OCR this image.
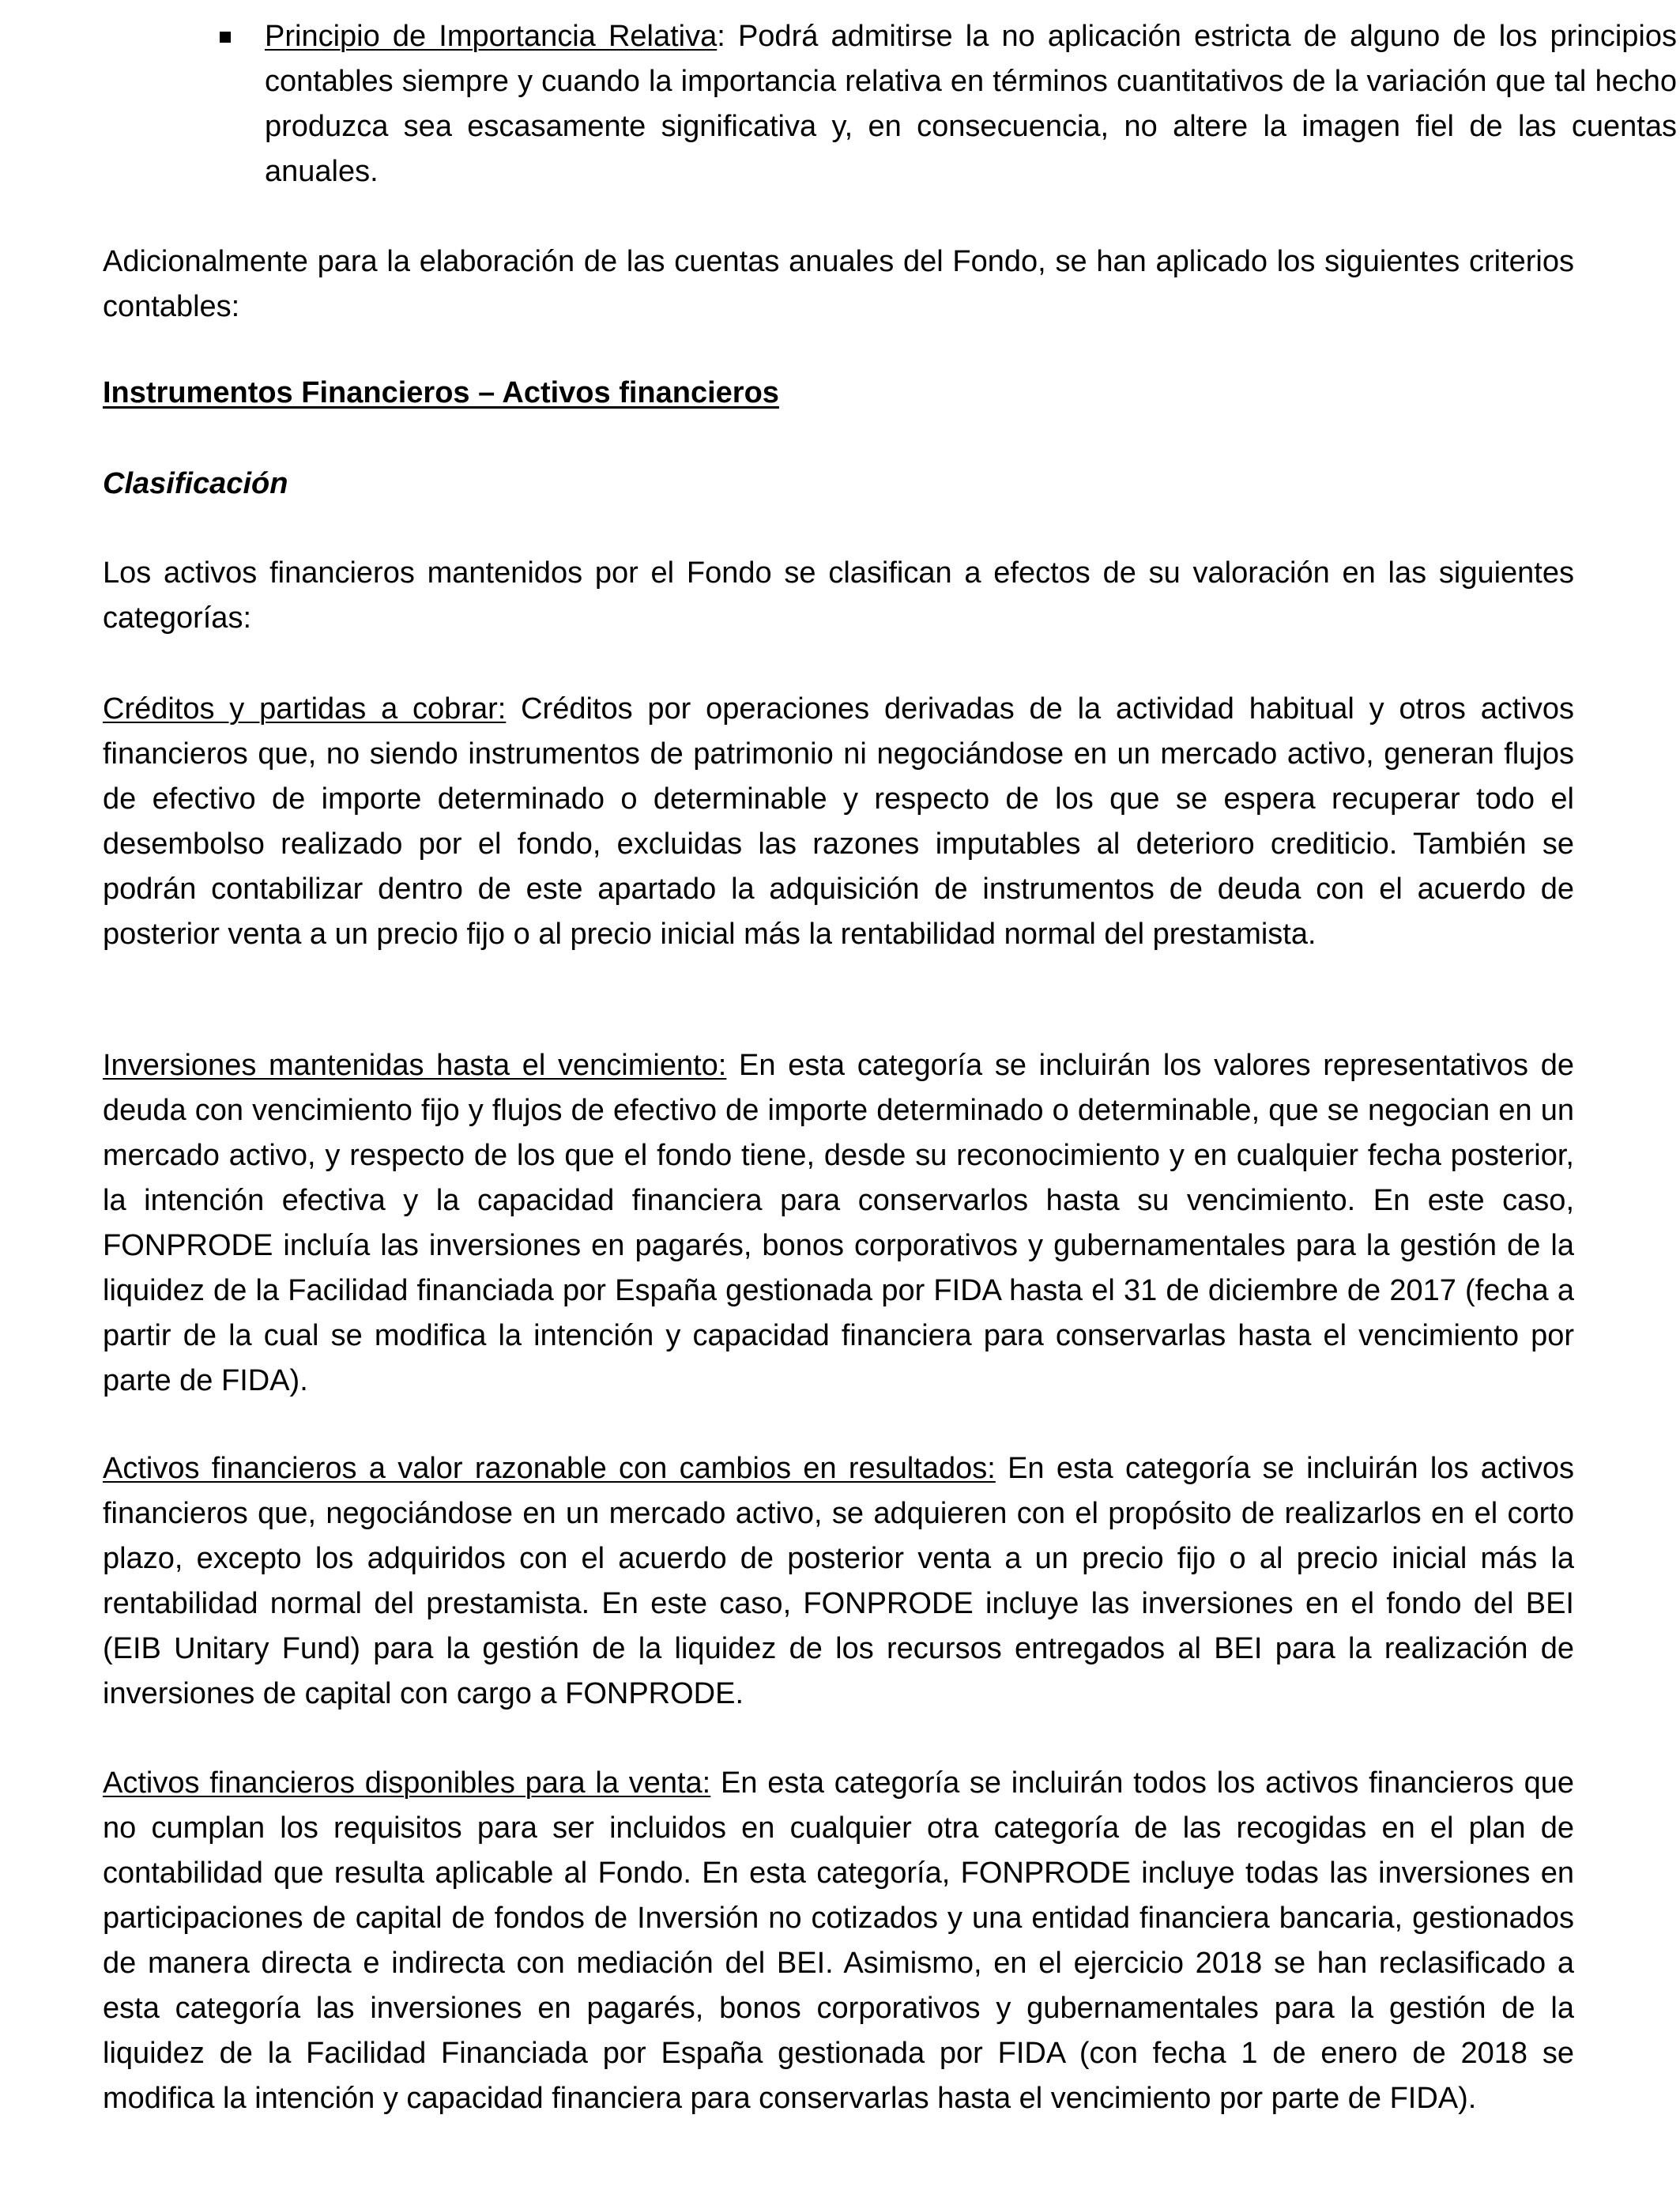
Principio de Importancia Relativa: Podrá admitirse la no aplicación estricta de alguno de los principios contables siempre y cuando la importancia relativa en términos cuantitativos de la variación que tal hecho produzca sea escasamente significativa y, en consecuencia, no altere la imagen fiel de las cuentas anuales.
Adicionalmente para la elaboración de las cuentas anuales del Fondo, se han aplicado los siguientes criterios contables:
Instrumentos Financieros – Activos financieros
Clasificación
Los activos financieros mantenidos por el Fondo se clasifican a efectos de su valoración en las siguientes categorías:
Créditos y partidas a cobrar: Créditos por operaciones derivadas de la actividad habitual y otros activos financieros que, no siendo instrumentos de patrimonio ni negociándose en un mercado activo, generan flujos de efectivo de importe determinado o determinable y respecto de los que se espera recuperar todo el desembolso realizado por el fondo, excluidas las razones imputables al deterioro crediticio. También se podrán contabilizar dentro de este apartado la adquisición de instrumentos de deuda con el acuerdo de posterior venta a un precio fijo o al precio inicial más la rentabilidad normal del prestamista.
Inversiones mantenidas hasta el vencimiento: En esta categoría se incluirán los valores representativos de deuda con vencimiento fijo y flujos de efectivo de importe determinado o determinable, que se negocian en un mercado activo, y respecto de los que el fondo tiene, desde su reconocimiento y en cualquier fecha posterior, la intención efectiva y la capacidad financiera para conservarlos hasta su vencimiento. En este caso, FONPRODE incluía las inversiones en pagarés, bonos corporativos y gubernamentales para la gestión de la liquidez de la Facilidad financiada por España gestionada por FIDA hasta el 31 de diciembre de 2017 (fecha a partir de la cual se modifica la intención y capacidad financiera para conservarlas hasta el vencimiento por parte de FIDA).
Activos financieros a valor razonable con cambios en resultados: En esta categoría se incluirán los activos financieros que, negociándose en un mercado activo, se adquieren con el propósito de realizarlos en el corto plazo, excepto los adquiridos con el acuerdo de posterior venta a un precio fijo o al precio inicial más la rentabilidad normal del prestamista. En este caso, FONPRODE incluye las inversiones en el fondo del BEI (EIB Unitary Fund) para la gestión de la liquidez de los recursos entregados al BEI para la realización de inversiones de capital con cargo a FONPRODE.
Activos financieros disponibles para la venta: En esta categoría se incluirán todos los activos financieros que no cumplan los requisitos para ser incluidos en cualquier otra categoría de las recogidas en el plan de contabilidad que resulta aplicable al Fondo. En esta categoría, FONPRODE incluye todas las inversiones en participaciones de capital de fondos de Inversión no cotizados y una entidad financiera bancaria, gestionados de manera directa e indirecta con mediación del BEI. Asimismo, en el ejercicio 2018 se han reclasificado a esta categoría las inversiones en pagarés, bonos corporativos y gubernamentales para la gestión de la liquidez de la Facilidad Financiada por España gestionada por FIDA (con fecha 1 de enero de 2018 se modifica la intención y capacidad financiera para conservarlas hasta el vencimiento por parte de FIDA).
